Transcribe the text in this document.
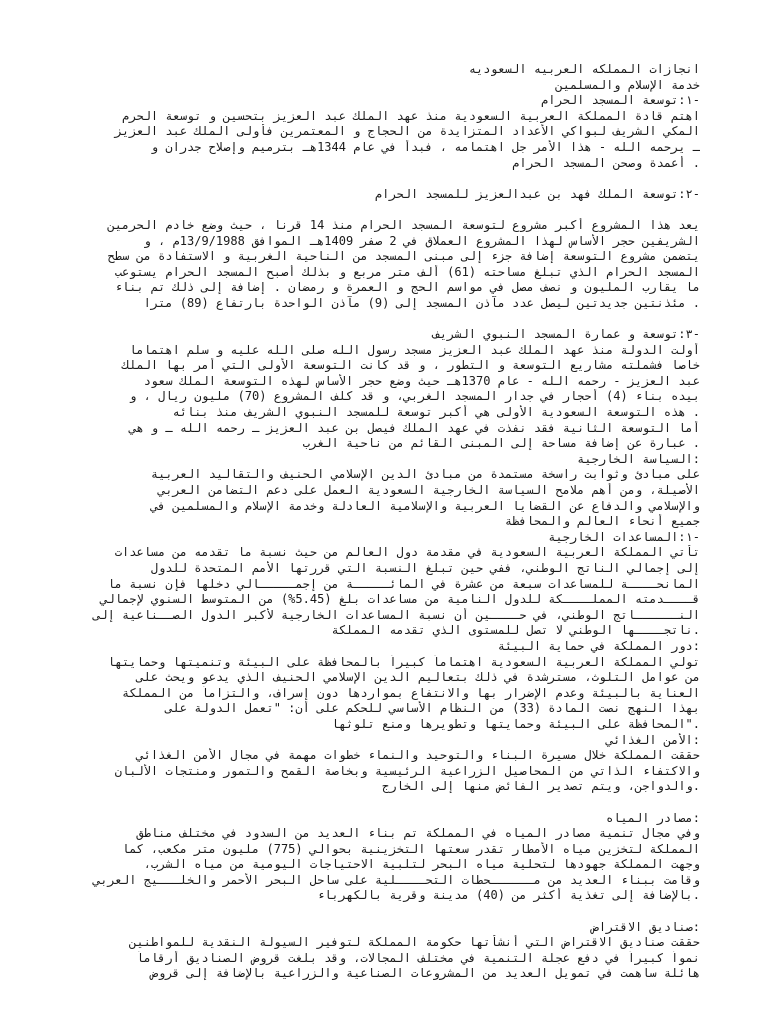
انجازات المملكه العربيه السعوديه
خدمة الإسلام والمسلمين
-١:توسعة المسجد الحرام
اهتم قادة المملكة العربية السعودية منذ عهد الملك عبد العزيز بتحسين و توسعة الحرم
المكي الشريف لبواكي الأعداد المتزايدة من الحجاج و المعتمرين فأولى الملك عبد العزيز
ـ يرحمه الله - هذا الأمر جل اهتمامه ، فبدأ في عام 1344هـ بترميم وإصلاح جدران و
. أعمدة وصحن المسجد الحرام
-٢:توسعة الملك فهد بن عبدالعزيز للمسجد الحرام
يعد هذا المشروع أكبر مشروع لتوسعة المسجد الحرام منذ 14 قرنا ، حيث وضع خادم الحرمين
الشريفين حجر الأساس لهذا المشروع العملاق في 2 صفر 1409هـ الموافق 13/9/1988م ، و
يتضمن مشروع التوسعة إضافة جزء إلى مبنى المسجد من الناحية الغربية و الاستفادة من سطح
المسجد الحرام الذي تبلغ مساحته (61) ألف متر مربع و بذلك أصبح المسجد الحرام يستوعب
ما يقارب المليون و نصف مصل في مواسم الحج و العمرة و رمضان . إضافة إلى ذلك تم بناء
. مئذنتين جديدتين ليصل عدد مآذن المسجد إلى (9) مآذن الواحدة بارتفاع (89) مترا
-٣:توسعة و عمارة المسجد النبوي الشريف
أولت الدولة منذ عهد الملك عبد العزيز مسجد رسول الله صلى الله عليه و سلم اهتماما
خاصا فشملته مشاريع التوسعة و التطور ، و قد كانت التوسعة الأولى التي أمر بها الملك
عبد العزيز - رحمه الله - عام 1370هـ حيث وضع حجر الأساس لهذه التوسعة الملك سعود
بيده بناء (4) أحجار في جدار المسجد الغربي، و قد كلف المشروع (70) مليون ريال ، و
. هذه التوسعة السعودية الأولى هي أكبر توسعة للمسجد النبوي الشريف منذ بنائه
أما التوسعة الثانية فقد نفذت في عهد الملك فيصل بن عبد العزيز ـ رحمه الله ـ و هي
. عبارة عن إضافة مساحة إلى المبنى القائم من ناحية الغرب
:السياسة الخارجية
على مبادئ وثوابت راسخة مستمدة من مبادئ الدين الإسلامي الحنيف والتقاليد العربية
الأصيلة، ومن أهم ملامح السياسة الخارجية السعودية العمل على دعم التضامن العربي
والإسلامي والدفاع عن القضايا العربية والإسلامية العادلة وخدمة الإسلام والمسلمين في
جميع أنحاء العالم والمحافظة
-١:المساعدات الخارجية
تأتي المملكة العربية السعودية في مقدمة دول العالم من حيث نسبة ما تقدمه من مساعدات
إلى إجمالي الناتج الوطني، ففي حين تبلغ النسبة التي قررتها الأمم المتحدة للدول
المانحــــة للمساعدات سبعة من عشرة في المائـــــة من إجمـــــالي دخلها فإن نسبة ما
قــــدمته المملــــكة للدول النامية من مساعدات بلغ (5.45%) من المتوسط السنوي لإجمالي
النــــــاتج الوطني، في حــــين أن نسبة المساعدات الخارجية لأكبر الدول الصــناعية إلى
.ناتجــــها الوطني لا تصل للمستوى الذي تقدمه المملكة
:دور المملكة في حماية البيئة
تولي المملكة العربية السعودية اهتماماً كبيراً بالمحافظة على البيئة وتنميتها وحمايتها
من عوامل التلوث، مسترشدة في ذلك بتعاليم الدين الإسلامي الحنيف الذي يدعو ويحث على
العناية بالبيئة وعدم الإضرار بها والانتفاع بمواردها دون إسراف، والتزاماً من المملكة
بهذا النهج نصت المادة (33) من النظام الأساسي للحكم على أن: "تعمل الدولة على
."المحافظة على البيئة وحمايتها وتطويرها ومنع تلوثها
:الأمن الغذائي
حققت المملكة خلال مسيرة البناء والتوحيد والنماء خطوات مهمة في مجال الأمن الغذائي
والاكتفاء الذاتي من المحاصيل الزراعية الرئيسية وبخاصة القمح والتمور ومنتجات الألبان
.والدواجن، ويتم تصدير الفائض منها إلى الخارج
:مصادر المياه
وفي مجال تنمية مصادر المياه في المملكة تم بناء العديد من السدود في مختلف مناطق
المملكة لتخزين مياه الأمطار تقدر سعتها التخزينية بحوالي (775) مليون متر مكعب، كما
وجهت المملكة جهودها لتحلية مياه البحر لتلبية الاحتياجات اليومية من مياه الشرب،
وقامت ببناء العديد من مــــــحطات التحــــلية على ساحل البحر الأحمر والخلـــيج العربي
.بالإضافة إلى تغذية أكثر من (40) مدينة وقرية بالكهرباء
:صناديق الاقتراض
حققت صناديق الاقتراض التي أنشأتها حكومة المملكة لتوفير السيولة النقدية للمواطنين
نمواً كبيراً في دفع عجلة التنمية في مختلف المجالات، وقد بلغت قروض الصناديق أرقاماً
هائلة ساهمت في تمويل العديد من المشروعات الصناعية والزراعية بالإضافة إلى قروض
